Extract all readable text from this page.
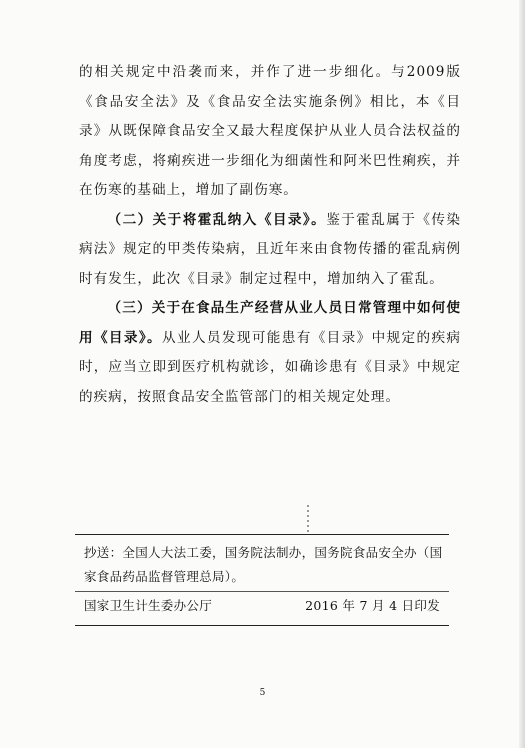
的相关规定中沿袭而来，并作了进一步细化。与2009版《食品安全法》及《食品安全法实施条例》相比，本《目录》从既保障食品安全又最大程度保护从业人员合法权益的角度考虑，将痢疾进一步细化为细菌性和阿米巴性痢疾，并在伤寒的基础上，增加了副伤寒。

（二）关于将霍乱纳入《目录》。鉴于霍乱属于《传染病法》规定的甲类传染病，且近年来由食物传播的霍乱病例时有发生，此次《目录》制定过程中，增加纳入了霍乱。

（三）关于在食品生产经营从业人员日常管理中如何使用《目录》。从业人员发现可能患有《目录》中规定的疾病时，应当立即到医疗机构就诊，如确诊患有《目录》中规定的疾病，按照食品安全监管部门的相关规定处理。

抄送：全国人大法工委，国务院法制办，国务院食品安全办（国家食品药品监督管理总局）。
国家卫生计生委办公厅	2016 年 7 月 4 日印发
5
